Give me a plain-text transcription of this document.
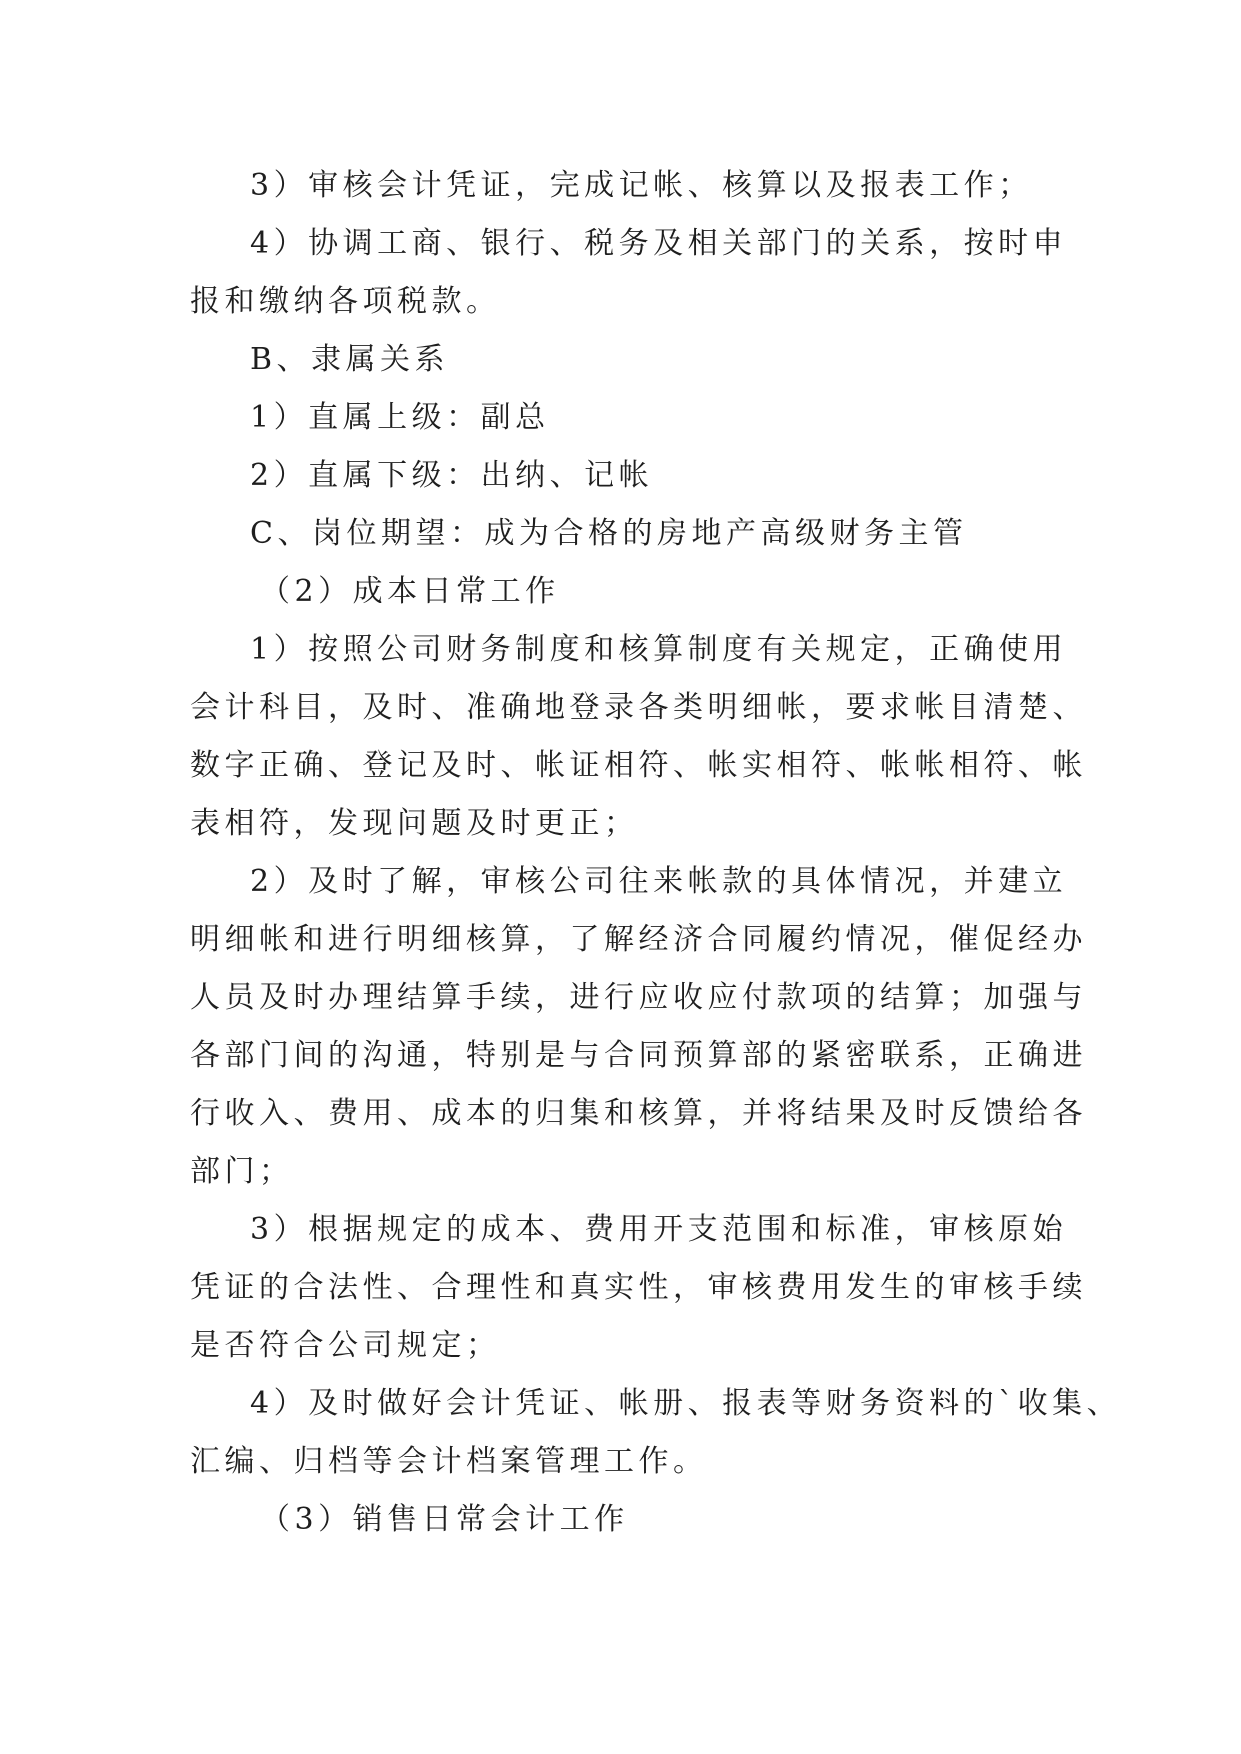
3）审核会计凭证，完成记帐、核算以及报表工作；
4）协调工商、银行、税务及相关部门的关系，按时申
报和缴纳各项税款。
B、隶属关系
1）直属上级：副总
2）直属下级：出纳、记帐
C、岗位期望：成为合格的房地产高级财务主管
（2）成本日常工作
1）按照公司财务制度和核算制度有关规定，正确使用
会计科目，及时、准确地登录各类明细帐，要求帐目清楚、
数字正确、登记及时、帐证相符、帐实相符、帐帐相符、帐
表相符，发现问题及时更正；
2）及时了解，审核公司往来帐款的具体情况，并建立
明细帐和进行明细核算，了解经济合同履约情况，催促经办
人员及时办理结算手续，进行应收应付款项的结算；加强与
各部门间的沟通，特别是与合同预算部的紧密联系，正确进
行收入、费用、成本的归集和核算，并将结果及时反馈给各
部门；
3）根据规定的成本、费用开支范围和标准，审核原始
凭证的合法性、合理性和真实性，审核费用发生的审核手续
是否符合公司规定；
4）及时做好会计凭证、帐册、报表等财务资料的`收集、
汇编、归档等会计档案管理工作。
（3）销售日常会计工作
